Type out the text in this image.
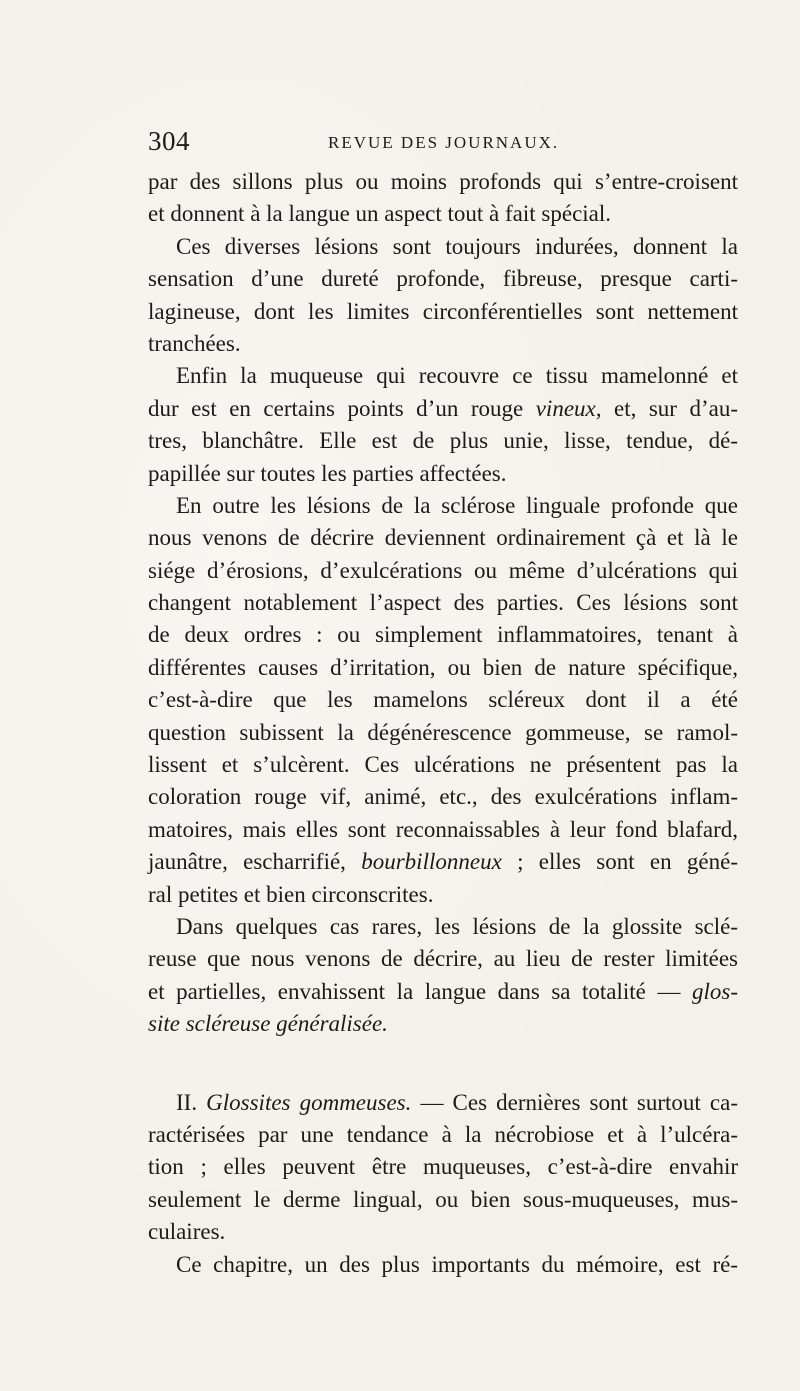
304	REVUE DES JOURNAUX.
par des sillons plus ou moins profonds qui s’entre-croisent
et donnent à la langue un aspect tout à fait spécial.
Ces diverses lésions sont toujours indurées, donnent la
sensation d’une dureté profonde, fibreuse, presque carti-
lagineuse, dont les limites circonférentielles sont nettement
tranchées.
Enfin la muqueuse qui recouvre ce tissu mamelonné et
dur est en certains points d’un rouge vineux, et, sur d’au-
tres, blanchâtre. Elle est de plus unie, lisse, tendue, dé-
papillée sur toutes les parties affectées.
En outre les lésions de la sclérose linguale profonde que
nous venons de décrire deviennent ordinairement çà et là le
siége d’érosions, d’exulcérations ou même d’ulcérations qui
changent notablement l’aspect des parties. Ces lésions sont
de deux ordres : ou simplement inflammatoires, tenant à
différentes causes d’irritation, ou bien de nature spécifique,
c’est-à-dire que les mamelons scléreux dont il a été
question subissent la dégénérescence gommeuse, se ramol-
lissent et s’ulcèrent. Ces ulcérations ne présentent pas la
coloration rouge vif, animé, etc., des exulcérations inflam-
matoires, mais elles sont reconnaissables à leur fond blafard,
jaunâtre, escharrifié, bourbillonneux ; elles sont en géné-
ral petites et bien circonscrites.
Dans quelques cas rares, les lésions de la glossite sclé-
reuse que nous venons de décrire, au lieu de rester limitées
et partielles, envahissent la langue dans sa totalité — glos-
site scléreuse généralisée.
II. Glossites gommeuses. — Ces dernières sont surtout ca-
ractérisées par une tendance à la nécrobiose et à l’ulcéra-
tion ; elles peuvent être muqueuses, c’est-à-dire envahir
seulement le derme lingual, ou bien sous-muqueuses, mus-
culaires.
Ce chapitre, un des plus importants du mémoire, est ré-
